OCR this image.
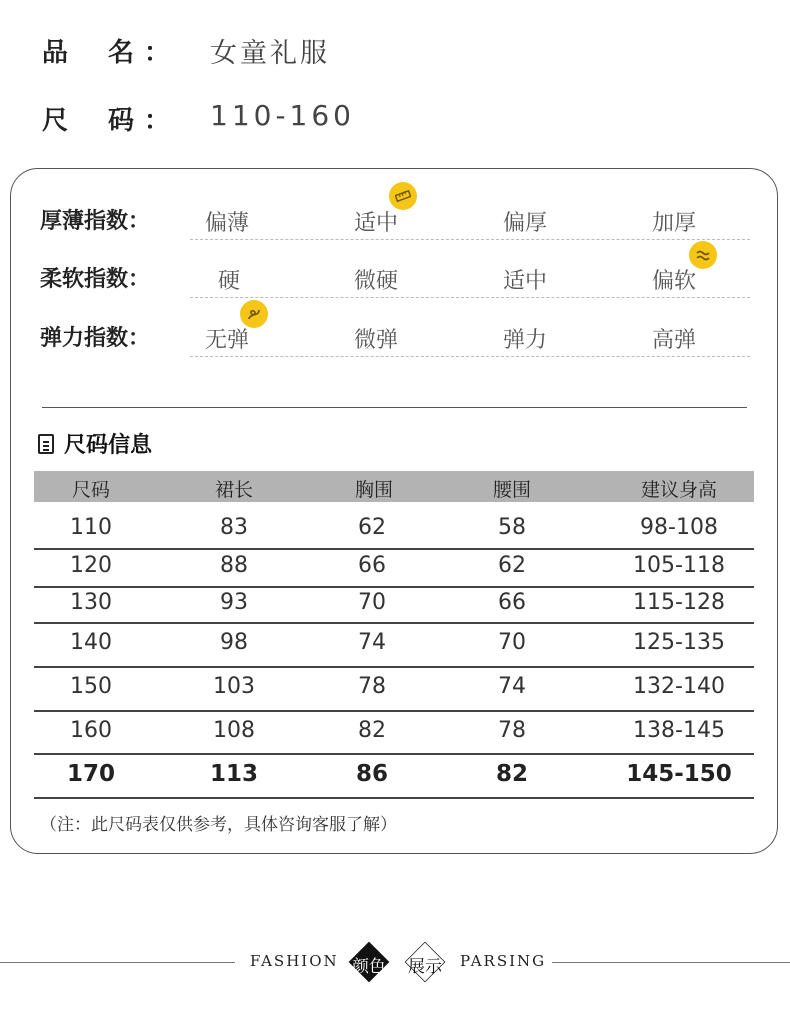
品 名 ： 女童礼服
尺 码 ： 110-160
厚薄指数： 偏薄	适中	偏厚	加厚
柔软指数：	硬	微硬	适中	偏软
弹力指数： 无弹	微弹	弹力	高弹
尺码信息
尺码	裙长	胸围	腰围	建议身高
110	83	62	58	98-108
120	88	66	62	105-118
130	93	70	66	115-128
140	98	74	70	125-135
150	103	78	74	132-140
160	108	82	78	138-145
170	113	86	82	145-150
（注：此尺码表仅供参考，具体咨询客服了解）
FASHION 颜色	展示	PARSING
